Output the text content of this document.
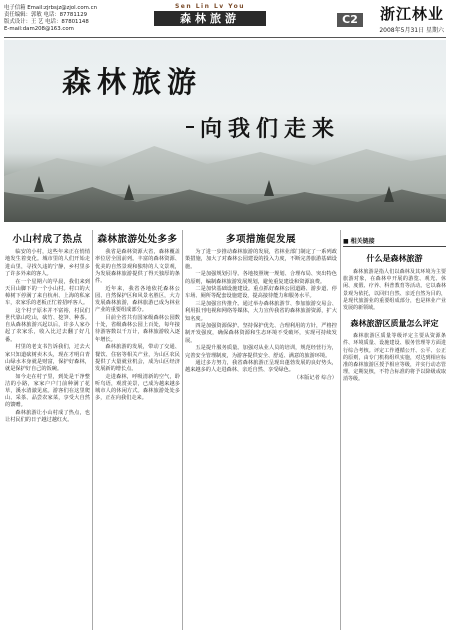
电子信箱 Email:zjrbsjz@zjol.com.cn
责任编辑：郭敏 电话：87781129
版式设计：王 艺 电话：87801148
E-mail:dam208@163.com
Sen Lin Lv You
森林旅游	C2	浙江林业
2008年5月31日 星期六
森林旅游
向我们走来
小山村成了热点

临安的小村，这些年来正在悄悄地发生着变化。城市里的人们开始走进山里，寻找久违的宁静，乡村里多了许多外来的客人。

在一个星期六的早晨，我们来到天目山脚下的一个小山村。村口的大樟树下停满了来自杭州、上海的私家车，农家乐的老板正忙着招呼客人。

这个村子原本并不富裕，村民们世代靠山吃山，砍竹、挖笋、种茶。自从森林旅游兴起以后，许多人家办起了农家乐，收入比过去翻了好几番。

村里的老支书告诉我们，过去大家只知道砍树卖木头，现在才明白青山绿水本身就是财富，保护好森林，就是保护好自己的饭碗。

如今走在村子里，到处是干净整洁的小路，家家户户门前种满了花草，溪水清澈见底。游客们在这里爬山、采茶、品尝农家菜，享受大自然的馈赠。

森林旅游让小山村成了热点，也让村民们的日子越过越红火。

森林旅游处处多多

我省是森林资源大省，森林覆盖率位居全国前列。丰富的森林资源、优美的自然景观和独特的人文景观，为发展森林旅游提供了得天独厚的条件。

近年来，我省各地依托森林公园、自然保护区和风景名胜区，大力发展森林旅游，森林旅游已成为林业产业的重要组成部分。

目前全省共有国家级森林公园数十处，省级森林公园上百处，每年接待游客数以千万计，森林旅游收入逐年增长。

森林旅游的发展，带动了交通、餐饮、住宿等相关产业，为山区农民提供了大量就业机会，成为山区经济发展新的增长点。

走进森林，呼吸清新的空气，聆听鸟语，观赏美景，已成为越来越多城市人的休闲方式。森林旅游处处多多，正在向我们走来。

多项措施促发展

为了进一步推动森林旅游的发展，省林业部门制定了一系列政策措施，加大了对森林公园建设的投入力度，不断完善旅游基础设施。

一是加强规划引导。各地按照统一规划、合理布局、突出特色的原则，编制森林旅游发展规划，避免重复建设和资源浪费。

二是加快基础设施建设。重点抓好森林公园道路、游步道、停车场、厕所等配套设施建设，提高接待能力和服务水平。

三是加强宣传推介。通过举办森林旅游节、参加旅游交易会、利用报刊电视和网络等媒体，大力宣传我省的森林旅游资源，扩大知名度。

四是加强资源保护。坚持保护优先、合理利用的方针，严格控制开发强度，确保森林资源和生态环境不受破坏，实现可持续发展。

五是提升服务质量。加强对从业人员的培训，规范经营行为，完善安全管理制度，为游客提供安全、舒适、满意的旅游环境。

通过多方努力，我省森林旅游正呈现出蓬勃发展的良好势头，越来越多的人走进森林、亲近自然、享受绿色。

（本版记者 综合）

■ 相关链接
什么是森林旅游

森林旅游是指人们以森林及其环境为主要旅游对象，在森林中开展的游览、观光、休闲、度假、疗养、科普教育等活动。它以森林景观为依托，以回归自然、亲近自然为目的，是现代旅游业的重要组成部分，也是林业产业发展的新领域。

森林旅游区质量怎么评定

森林旅游区质量等级评定主要从资源条件、环境质量、设施建设、服务管理等方面进行综合考核。评定工作遵循公开、公平、公正的原则，由专门机构组织实施，对达到相应标准的森林旅游区授予相应等级，并实行动态管理，定期复核，不符合标准的将予以降级或取消等级。
